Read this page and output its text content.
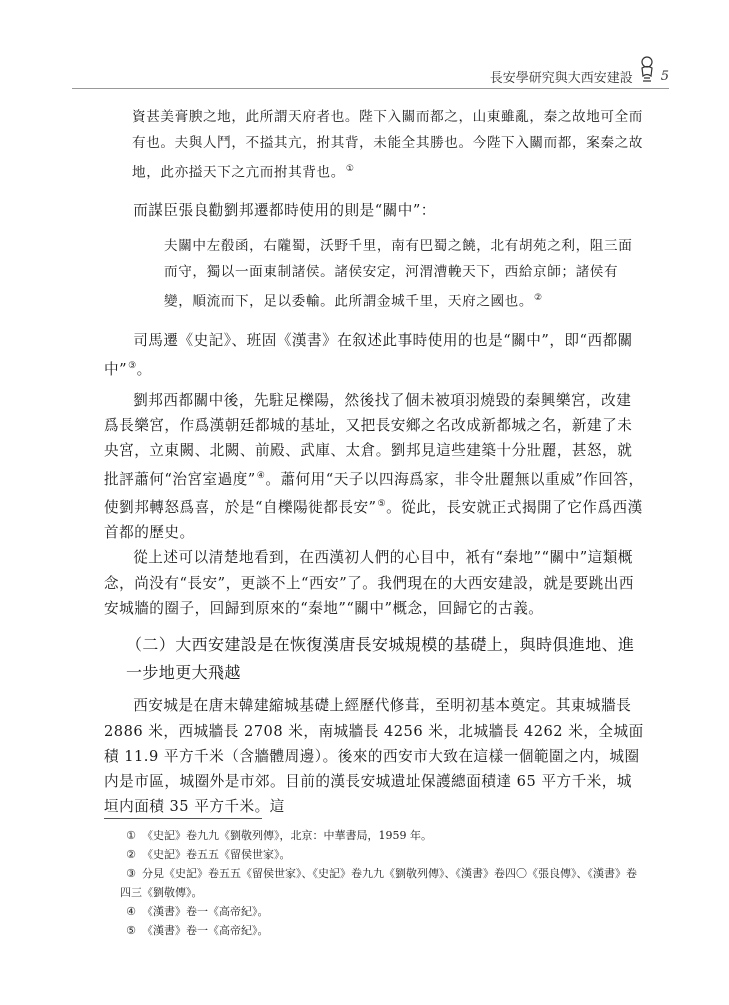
長安學研究與大西安建設 5

資甚美膏腴之地，此所謂天府者也。陛下入關而都之，山東雖亂，秦之故地可全而有也。夫與人鬥，不搤其亢，拊其背，未能全其勝也。今陛下入關而都，案秦之故地，此亦搤天下之亢而拊其背也。①

而謀臣張良勸劉邦遷都時使用的則是“關中”：

夫關中左殽函，右隴蜀，沃野千里，南有巴蜀之饒，北有胡苑之利，阻三面而守，獨以一面東制諸侯。諸侯安定，河渭漕輓天下，西給京師；諸侯有變，順流而下，足以委輸。此所謂金城千里，天府之國也。②

司馬遷《史記》、班固《漢書》在叙述此事時使用的也是“關中”，即“西都關中”③。

劉邦西都關中後，先駐足櫟陽，然後找了個未被項羽燒毀的秦興樂宮，改建爲長樂宮，作爲漢朝廷都城的基址，又把長安鄉之名改成新都城之名，新建了未央宮，立東闕、北闕、前殿、武庫、太倉。劉邦見這些建築十分壯麗，甚怒，就批評蕭何“治宮室過度”④。蕭何用“天子以四海爲家，非令壯麗無以重威”作回答，使劉邦轉怒爲喜，於是“自櫟陽徙都長安”⑤。從此，長安就正式揭開了它作爲西漢首都的歷史。

從上述可以清楚地看到，在西漢初人們的心目中，衹有“秦地”“關中”這類概念，尚没有“長安”，更談不上“西安”了。我們現在的大西安建設，就是要跳出西安城牆的圈子，回歸到原來的“秦地”“關中”概念，回歸它的古義。

（二）大西安建設是在恢復漢唐長安城規模的基礎上，與時俱進地、進一步地更大飛越

西安城是在唐末韓建縮城基礎上經歷代修葺，至明初基本奠定。其東城牆長 2886 米，西城牆長 2708 米，南城牆長 4256 米，北城牆長 4262 米，全城面積 11.9 平方千米（含牆體周邊）。後來的西安市大致在這樣一個範圍之内，城圈内是市區，城圈外是市郊。目前的漢長安城遺址保護總面積達 65 平方千米，城垣内面積 35 平方千米。這

① 《史記》卷九九《劉敬列傳》，北京：中華書局，1959 年。
② 《史記》卷五五《留侯世家》。
③ 分見《史記》卷五五《留侯世家》、《史記》卷九九《劉敬列傳》、《漢書》卷四〇《張良傳》、《漢書》卷四三《劉敬傳》。
④ 《漢書》卷一《高帝紀》。
⑤ 《漢書》卷一《高帝紀》。
